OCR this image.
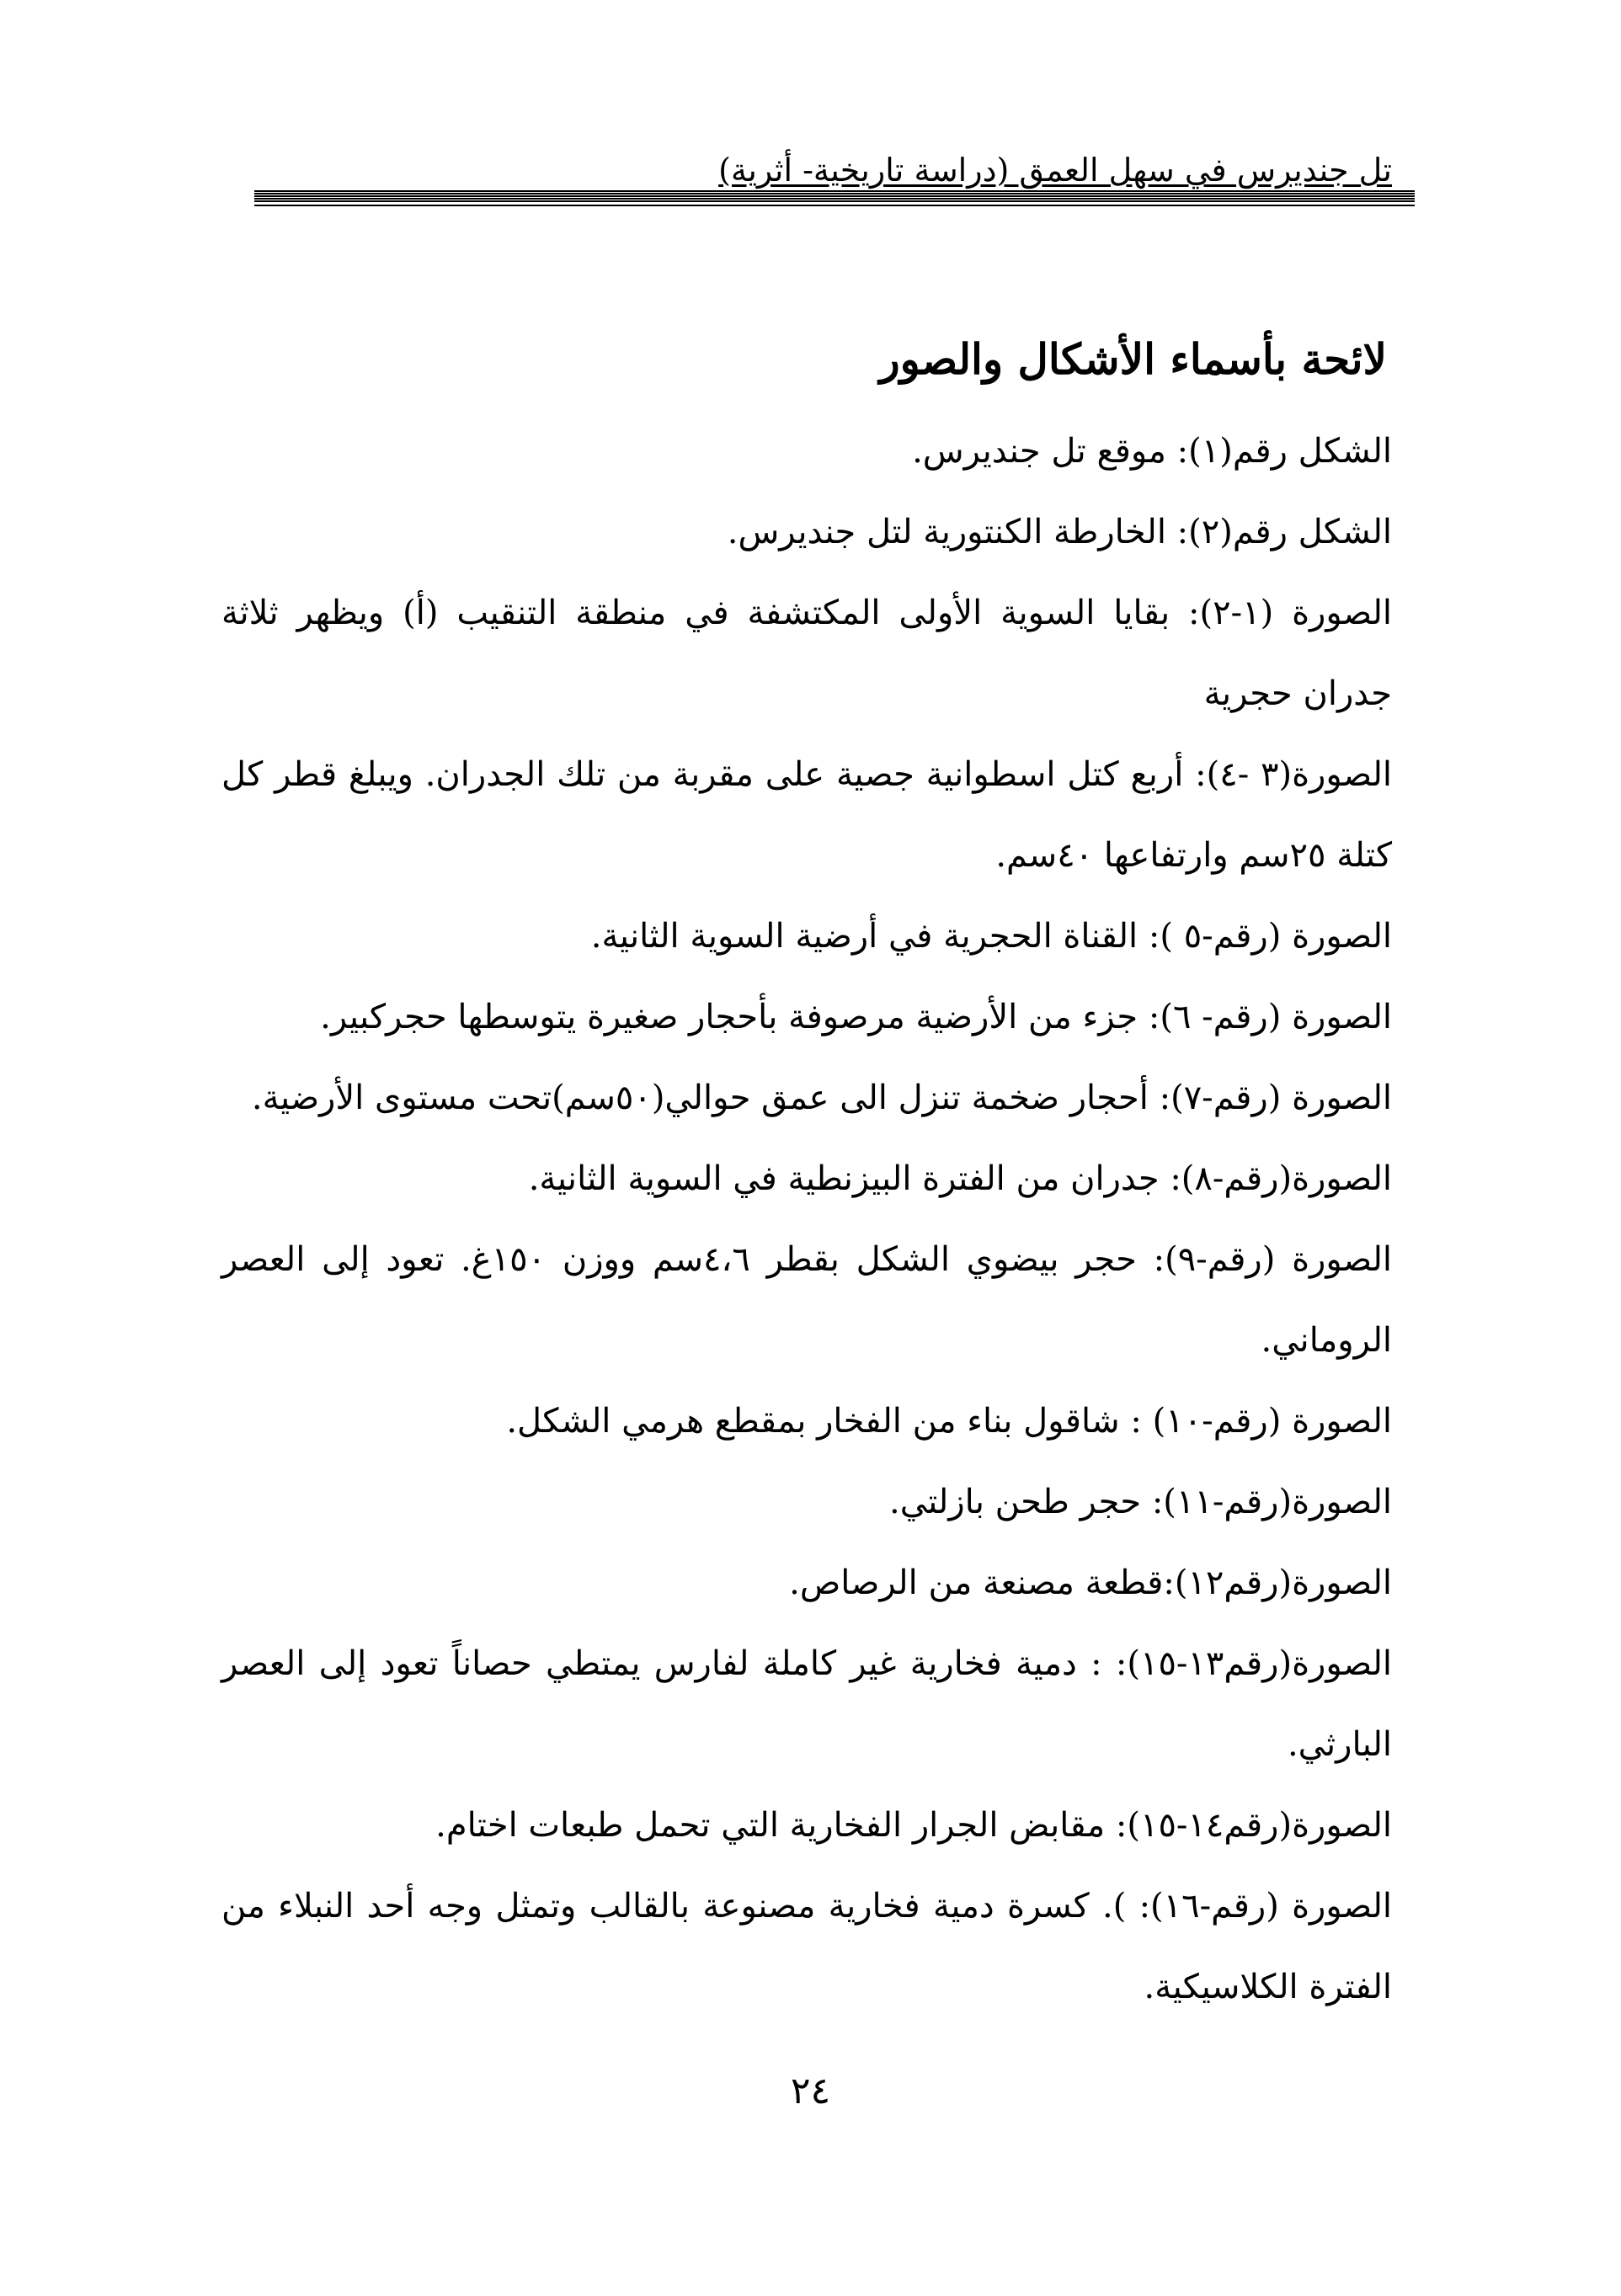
تل جنديرس في سهل العمق (دراسة تاريخية- أثرية)
لائحة بأسماء الأشكال والصور

الشكل رقم(١): موقع تل جنديرس.

الشكل رقم(٢): الخارطة الكنتورية لتل جنديرس.

الصورة (١-٢): بقايا السوية الأولى المكتشفة في منطقة التنقيب (أ) ويظهر ثلاثة جدران حجرية

الصورة(٣ -٤): أربع كتل اسطوانية جصية على مقربة من تلك الجدران. ويبلغ قطر كل كتلة ٢٥سم وارتفاعها ٤٠سم.

الصورة (رقم-٥ ): القناة الحجرية في أرضية السوية الثانية.

الصورة (رقم- ٦): جزء من الأرضية مرصوفة بأحجار صغيرة يتوسطها حجركبير.

الصورة (رقم-٧): أحجار ضخمة تنزل الى عمق حوالي(٥٠سم)تحت مستوى الأرضية.

الصورة(رقم-٨): جدران من الفترة البيزنطية في السوية الثانية.

الصورة (رقم-٩): حجر بيضوي الشكل بقطر ٤،٦سم ووزن ١٥٠غ. تعود إلى العصر الروماني.

الصورة (رقم-١٠) : شاقول بناء من الفخار بمقطع هرمي الشكل.

الصورة(رقم-١١): حجر طحن بازلتي.

الصورة(رقم١٢):قطعة مصنعة من الرصاص.

الصورة(رقم١٣-١٥): : دمية فخارية غير كاملة لفارس يمتطي حصاناً تعود إلى العصر البارثي.

الصورة(رقم١٤-١٥): مقابض الجرار الفخارية التي تحمل طبعات اختام.

الصورة (رقم-١٦): ). كسرة دمية فخارية مصنوعة بالقالب وتمثل وجه أحد النبلاء من الفترة الكلاسيكية.

٢٤
